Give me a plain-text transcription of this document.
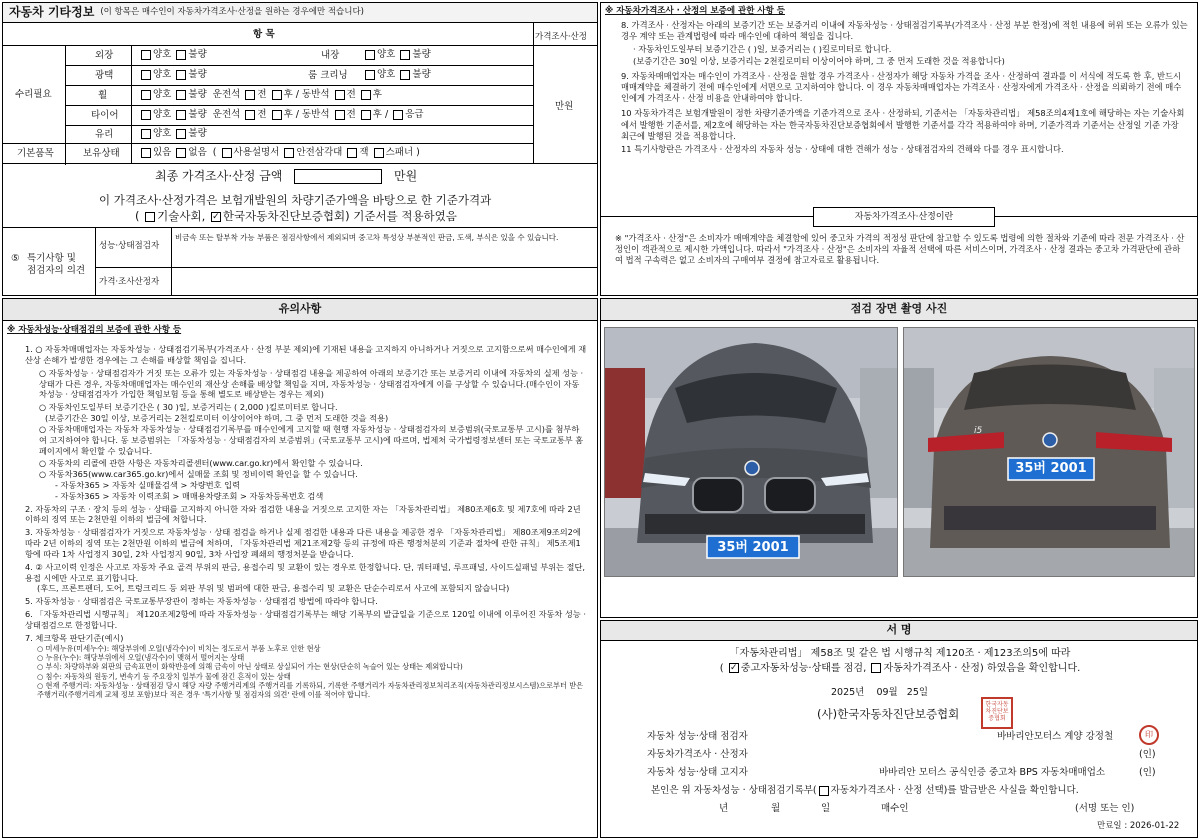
자동차 기타정보 (이 항목은 매수인이 자동차가격조사·산정을 원하는 경우에만 적습니다)
항 목	가격조사·산정
수리필요
만원
외장	양호 불량	내장	양호 불량
광택	양호 불량	룸 크리닝	양호 불량
휠	양호 불량 운전석 전 후 / 동반석 전 후
타이어	양호 불량 운전석 전 후 / 동반석 전 후 / 응급
유리	양호 불량
기본품목	보유상태	있음 없음 ( 사용설명서 안전삼각대 잭 스패너 )
최종 가격조사·산정 금액	만원
이 가격조사·산정가격은 보험개발원의 차량기준가액을 바탕으로 한 기준가격과
( 기술사회, ✓ 한국자동차진단보증협회) 기준서를 적용하였음
⑤ 특기사항 및
점검자의 의견
성능·상태점검자
비금속 또는 탈부착 가능 부품은 점검사항에서 제외되며 중고차 특성상 부분적인 판금, 도색, 부식은 있을 수 있습니다.
가격·조사산정자
※ 자동차가격조사 · 산정의 보증에 관한 사항 등
8. 가격조사 · 산정자는 아래의 보증기간 또는 보증거리 이내에 자동차성능 · 상태점검기록부(가격조사 · 산정 부분 한정)에 적힌 내용에 허위 또는 오류가 있는 경우 계약 또는 관계법령에 따라 매수인에 대하여 책임을 집니다.
· 자동차인도일부터 보증기간은 ( )일, 보증거리는 ( )킬로미터로 합니다.
(보증기간은 30일 이상, 보증거리는 2천킬로미터 이상이어야 하며, 그 중 먼저 도래한 것을 적용합니다)
9. 자동차매매업자는 매수인이 가격조사 · 산정을 원할 경우 가격조사 · 산정자가 해당 자동차 가격을 조사 · 산정하여 결과를 이 서식에 적도록 한 후, 반드시 매매계약을 체결하기 전에 매수인에게 서면으로 고지하여야 합니다. 이 경우 자동차매매업자는 가격조사 · 산정자에게 가격조사 · 산정을 의뢰하기 전에 매수인에게 가격조사 · 산정 비용을 안내하여야 합니다.
10 자동차가격은 보험개발원이 정한 차량기준가액을 기준가격으로 조사 · 산정하되, 기준서는 「자동차관리법」 제58조의4제1호에 해당하는 자는 기술사회에서 발행한 기준서를, 제2호에 해당하는 자는 한국자동차진단보증협회에서 발행한 기준서를 각각 적용하여야 하며, 기준가격과 기준서는 산정일 기준 가장 최근에 발행된 것을 적용합니다.
11 특기사항란은 가격조사 · 산정자의 자동차 성능 · 상태에 대한 견해가 성능 · 상태점검자의 견해와 다를 경우 표시합니다.
자동차가격조사·산정이란
※ "가격조사 · 산정"은 소비자가 매매계약을 체결함에 있어 중고차 가격의 적정성 판단에 참고할 수 있도록 법령에 의한 절차와 기준에 따라 전문 가격조사 · 산정인이 객관적으로 제시한 가액입니다. 따라서 "가격조사 · 산정"은 소비자의 자율적 선택에 따른 서비스이며, 가격조사 · 산정 결과는 중고차 가격판단에 관하여 법적 구속력은 없고 소비자의 구매여부 결정에 참고자료로 활용됩니다.
유의사항
※ 자동차성능·상태점검의 보증에 관한 사항 등
1. ○ 자동차매매업자는 자동차성능 · 상태점검기록부(가격조사 · 산정 부분 제외)에 기재된 내용을 고지하지 아니하거나 거짓으로 고지함으로써 매수인에게 재산상 손해가 발생한 경우에는 그 손해를 배상할 책임을 집니다.
○ 자동차성능 · 상태점검자가 거짓 또는 오류가 있는 자동차성능 · 상태점검 내용을 제공하여 아래의 보증기간 또는 보증거리 이내에 자동차의 실제 성능 · 상태가 다른 경우, 자동차매매업자는 매수인의 재산상 손해를 배상할 책임을 지며, 자동차성능 · 상태점검자에게 이를 구상할 수 있습니다.(매수인이 자동차성능 · 상태점검자가 가입한 책임보험 등을 통해 별도로 배상받는 경우는 제외)
○ 자동차인도일부터 보증기간은 ( 30 )일, 보증거리는 ( 2,000 )킬로미터로 합니다.
(보증기간은 30일 이상, 보증거리는 2천킬로미터 이상이어야 하며, 그 중 먼저 도래한 것을 적용)
○ 자동차매매업자는 자동차 자동차성능 · 상태점검기록부를 매수인에게 고지할 때 현행 자동차성능 · 상태점검자의 보증범위(국토교통부 고시)를 첨부하여 고지하여야 합니다. 동 보증범위는 「자동차성능 · 상태점검자의 보증범위」(국토교통부 고시)에 따르며, 법제처 국가법령정보센터 또는 국토교통부 홈페이지에서 확인할 수 있습니다.
○ 자동차의 리콜에 관한 사항은 자동차리콜센터(www.car.go.kr)에서 확인할 수 있습니다.
○ 자동차365(www.car365.go.kr)에서 실매물 조회 및 정비이력 확인을 할 수 있습니다.
- 자동차365 > 자동차 실매물검색 > 차량번호 입력
- 자동차365 > 자동차 이력조회 > 매매용차량조회 > 자동차등록번호 검색
2. 자동차의 구조 · 장치 등의 성능 · 상태를 고지하지 아니한 자와 점검한 내용을 거짓으로 고지한 자는 「자동차관리법」 제80조제6호 및 제7호에 따라 2년 이하의 징역 또는 2천만원 이하의 벌금에 처합니다.
3. 자동차성능 · 상태점검자가 거짓으로 자동차성능 · 상태 점검을 하거나 실제 점검한 내용과 다른 내용을 제공한 경우 「자동차관리법」 제80조제9조의2에 따라 2년 이하의 징역 또는 2천만원 이하의 벌금에 처하며, 「자동차관리법 제21조제2항 등의 규정에 따른 행정처분의 기준과 절차에 관한 규칙」 제5조제1항에 따라 1차 사업정지 30일, 2차 사업정지 90일, 3차 사업장 폐쇄의 행정처분을 받습니다.
4. ② 사고이력 인정은 사고로 자동차 주요 골격 부위의 판금, 용접수리 및 교환이 있는 경우로 한정합니다. 단, 쿼터패널, 루프패널, 사이드실패널 부위는 절단, 용접 시에만 사고로 표기합니다.
(후드, 프론트펜더, 도어, 트렁크리드 등 외판 부위 및 범퍼에 대한 판금, 용접수리 및 교환은 단순수리로서 사고에 포함되지 않습니다)
5. 자동차성능 · 상태점검은 국토교통부장관이 정하는 자동차성능 · 상태점검 방법에 따라야 합니다.
6. 「자동차관리법 시행규칙」 제120조제2항에 따라 자동차성능 · 상태점검기록부는 해당 기록부의 발급일을 기준으로 120일 이내에 이루어진 자동차 성능 · 상태점검으로 한정합니다.
7. 체크항목 판단기준(예시)
○ 미세누유(미세누수): 해당부위에 오일(냉각수)이 비치는 정도로서 부품 노후로 인한 현상
○ 누유(누수): 해당부위에서 오일(냉각수)이 맺혀서 떨어지는 상태
○ 부식: 차량하부와 외판의 금속표면이 화학반응에 의해 금속이 아닌 상태로 상실되어 가는 현상(단순히 녹슬어 있는 상태는 제외합니다)
○ 침수: 자동차의 원동기, 변속기 등 주요장치 일부가 물에 잠긴 흔적이 있는 상태
○ 현재 주행거리: 자동차성능 · 상태점검 당시 해당 자량 주행거리계의 주행거리를 기록하되, 기록한 주행거리가 자동차관리정보처리조직(자동차관리정보시스템)으로부터 받은 주행거리(주행거리계 교체 정보 포함)보다 적은 경우 '특기사항 및 점검자의 의견' 란에 이를 적어야 합니다.
점검 장면 촬영 사진
35버 2001
i5
35버 2001
서 명
「자동차관리법」 제58조 및 같은 법 시행규칙 제120조 · 제123조의5에 따라
( ✓ 중고자동차성능·상태를 점검, 자동차가격조사 · 산정) 하였음을 확인합니다.
2025년 09월 25일
(사)한국자동차진단보증협회
한국자동차진단보증협회
자동차 성능·상태 점검자	바바리안모터스 계양 강정철	印
자동차가격조사 · 산정자	(인)
자동차 성능·상태 고지자	바바리안 모터스 공식인증 중고차 BPS 자동차매매업소	(인)
본인은 위 자동차성능 · 상태점검기록부( 자동차가격조사 · 산정 선택)를 발급받은 사실을 확인합니다.
년	월	일	매수인	(서명 또는 인)
만료일 : 2026-01-22
